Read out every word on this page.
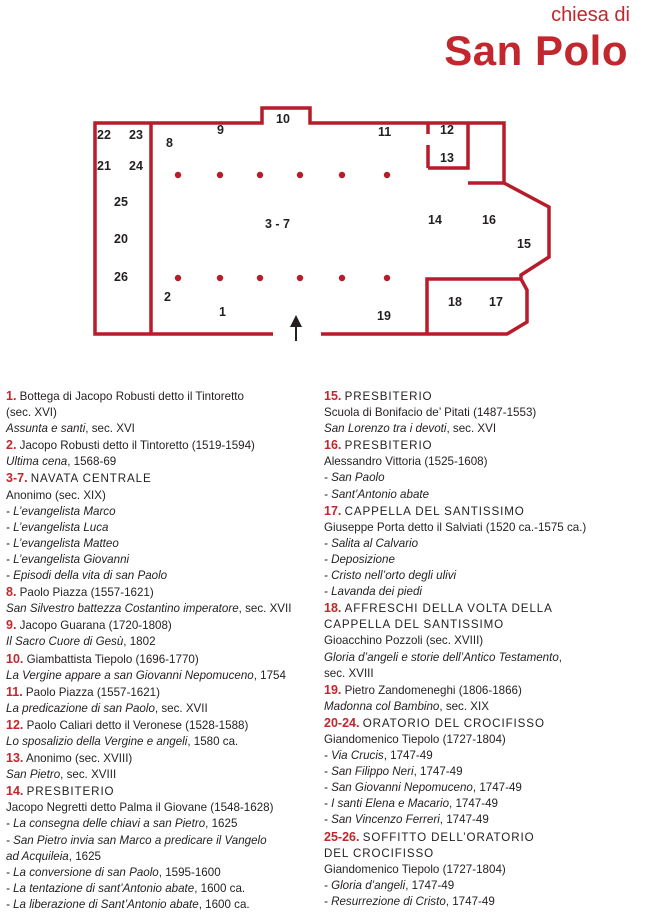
chiesa di
San Polo
22 23
8
9
10
11	12
13
21 24
25
20
26
3 - 7	14	16
15
2
1
18 17
19
1. Bottega di Jacopo Robusti detto il Tintoretto
(sec. XVI)
Assunta e santi, sec. XVI
2. Jacopo Robusti detto il Tintoretto (1519-1594)
Ultima cena, 1568-69
3-7. NAVATA CENTRALE
Anonimo (sec. XIX)
- L’evangelista Marco
- L’evangelista Luca
- L’evangelista Matteo
- L’evangelista Giovanni
- Episodi della vita di san Paolo
8. Paolo Piazza (1557-1621)
San Silvestro battezza Costantino imperatore, sec. XVII
9. Jacopo Guarana (1720-1808)
Il Sacro Cuore di Gesù, 1802
10. Giambattista Tiepolo (1696-1770)
La Vergine appare a san Giovanni Nepomuceno, 1754
11. Paolo Piazza (1557-1621)
La predicazione di san Paolo, sec. XVII
12. Paolo Caliari detto il Veronese (1528-1588)
Lo sposalizio della Vergine e angeli, 1580 ca.
13. Anonimo (sec. XVIII)
San Pietro, sec. XVIII
14. PRESBITERIO
Jacopo Negretti detto Palma il Giovane (1548-1628)
- La consegna delle chiavi a san Pietro, 1625
- San Pietro invia san Marco a predicare il Vangelo
ad Acquileia, 1625
- La conversione di san Paolo, 1595-1600
- La tentazione di sant’Antonio abate, 1600 ca.
- La liberazione di Sant’Antonio abate, 1600 ca.
15. PRESBITERIO
Scuola di Bonifacio de’ Pitati (1487-1553)
San Lorenzo tra i devoti, sec. XVI
16. PRESBITERIO
Alessandro Vittoria (1525-1608)
- San Paolo
- Sant’Antonio abate
17. CAPPELLA DEL SANTISSIMO
Giuseppe Porta detto il Salviati (1520 ca.-1575 ca.)
- Salita al Calvario
- Deposizione
- Cristo nell’orto degli ulivi
- Lavanda dei piedi
18. AFFRESCHI DELLA VOLTA DELLA
CAPPELLA DEL SANTISSIMO
Gioacchino Pozzoli (sec. XVIII)
Gloria d’angeli e storie dell’Antico Testamento,
sec. XVIII
19. Pietro Zandomeneghi (1806-1866)
Madonna col Bambino, sec. XIX
20-24. ORATORIO DEL CROCIFISSO
Giandomenico Tiepolo (1727-1804)
- Via Crucis, 1747-49
- San Filippo Neri, 1747-49
- San Giovanni Nepomuceno, 1747-49
- I santi Elena e Macario, 1747-49
- San Vincenzo Ferreri, 1747-49
25-26. SOFFITTO DELL’ORATORIO
DEL CROCIFISSO
Giandomenico Tiepolo (1727-1804)
- Gloria d’angeli, 1747-49
- Resurrezione di Cristo, 1747-49
